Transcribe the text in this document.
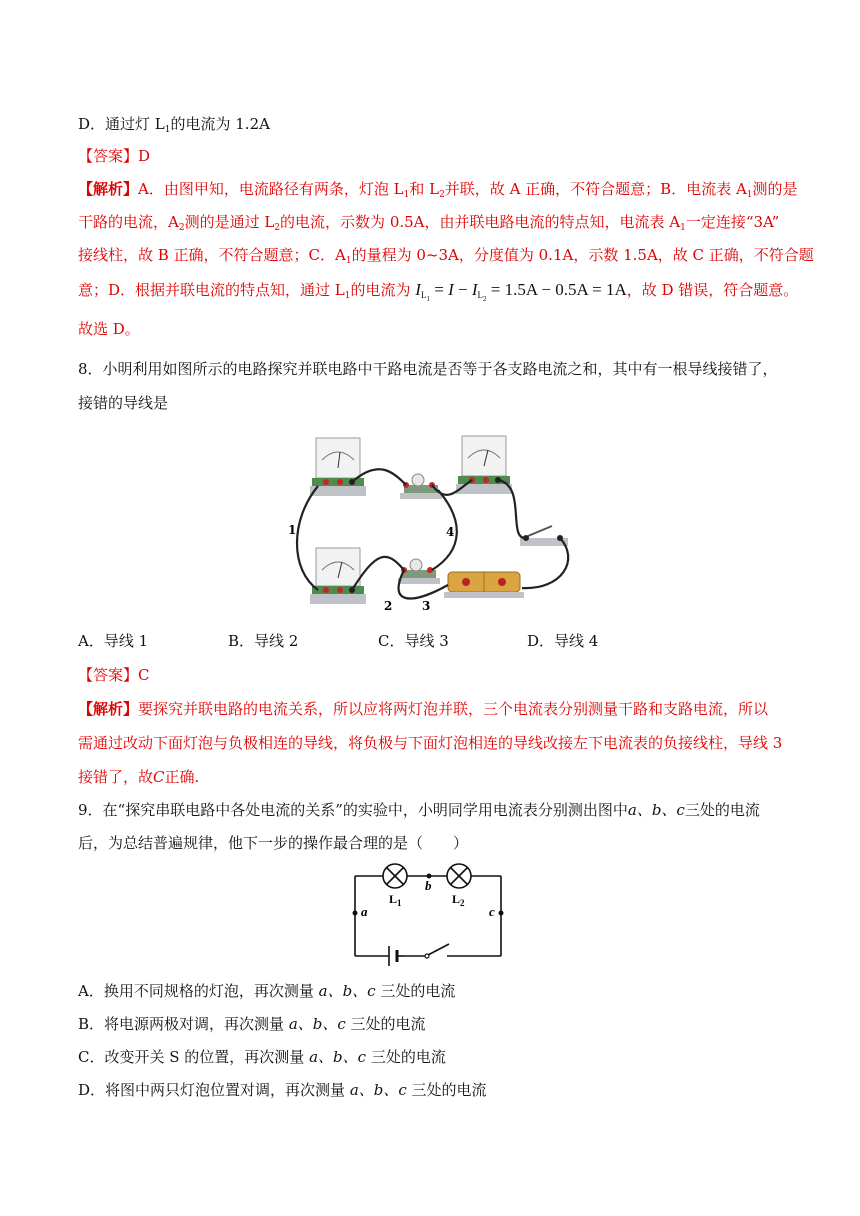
D．通过灯 $L_1$的电流为 1.2A
【答案】D
【解析】A．由图甲知，电流路径有两条，灯泡 $L_1$和 $L_2$并联，故 A 正确，不符合题意；B．电流表 $A_1$测的是
干路的电流，$A_2$测的是通过 $L_2$的电流，示数为 0.5A，由并联电路电流的特点知，电流表 $A_1$一定连接“3A”
接线柱，故 B 正确，不符合题意；C．$A_1$的量程为 0~3A，分度值为 0.1A，示数 1.5A，故 C 正确，不符合题
意；D．根据并联电流的特点知，通过 $L_1$的电流为 $I_{L_1} = I - I_{L_2} = 1.5A - 0.5A = 1A$，故 D 错误，符合题意。
故选 D。
8．小明利用如图所示的电路探究并联电路中干路电流是否等于各支路电流之和，其中有一根导线接错了，
接错的导线是
1
2 3
4
A．导线 1	B．导线 2	C．导线 3	D．导线 4
【答案】C
【解析】要探究并联电路的电流关系，所以应将两灯泡并联，三个电流表分别测量干路和支路电流，所以
需通过改动下面灯泡与负极相连的导线，将负极与下面灯泡相连的导线改接左下电流表的负接线柱，导线 3
接错了，故C正确.
9．在“探究串联电路中各处电流的关系”的实验中，小明同学用电流表分别测出图中a、b、c三处的电流
后，为总结普遍规律，他下一步的操作最合理的是（　　）
b
a	c
$L_1$	$L_2$
A．换用不同规格的灯泡，再次测量 a、b、c 三处的电流
B．将电源两极对调，再次测量 a、b、c 三处的电流
C．改变开关 S 的位置，再次测量 a、b、c 三处的电流
D．将图中两只灯泡位置对调，再次测量 a、b、c 三处的电流
